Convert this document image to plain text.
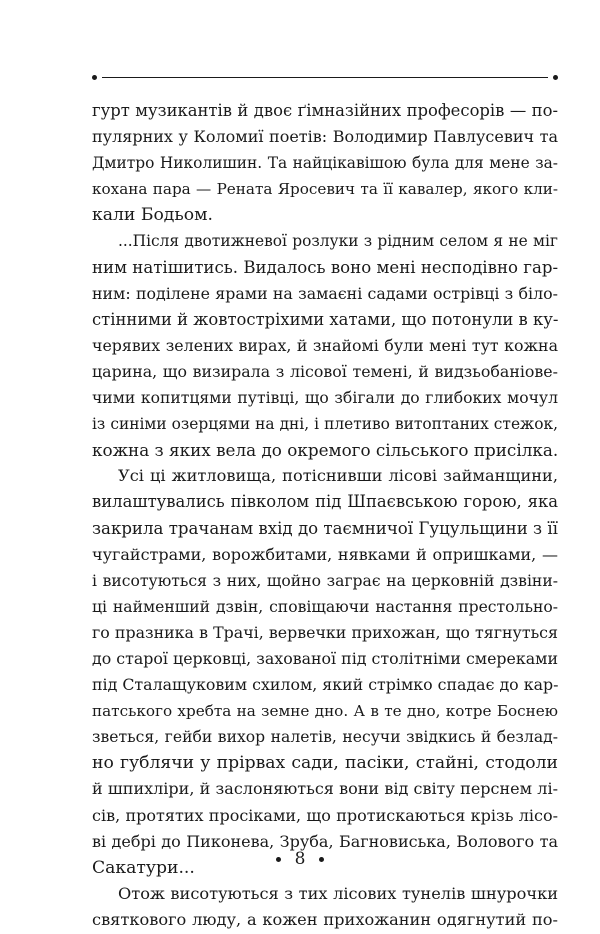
гурт музикантів й двоє ґімназійних професорів — по-
пулярних у Коломиї поетів: Володимир Павлусевич та
Дмитро Николишин. Та найцікавішою була для мене за-
кохана пара — Рената Яросевич та її кавалер, якого кли-
кали Бодьом.

...Після двотижневої розлуки з рідним селом я не міг
ним натішитись. Видалось воно мені несподівно гар-
ним: поділене ярами на замаєні садами острівці з біло-
стінними й жовтостріхими хатами, що потонули в ку-
черявих зелених вирах, й знайомі були мені тут кожна
царина, що визирала з лісової темені, й видзьобаніове-
чими копитцями путівці, що збігали до глибоких мочул
із синіми озерцями на дні, і плетиво витоптаних стежок,
кожна з яких вела до окремого сільського присілка.

Усі ці житловища, потіснивши лісові займанщини,
вилаштувались півколом під Шпаєвською горою, яка
закрила трачанам вхід до таємничої Гуцульщини з її
чугайстрами, ворожбитами, нявками й опришками, —
і висотуються з них, щойно заграє на церковній дзвіни-
ці найменший дзвін, сповіщаючи настання престольно-
го празника в Трачі, вервечки прихожан, що тягнуться
до старої церковці, захованої під столітніми смереками
під Сталащуковим схилом, який стрімко спадає до кар-
патського хребта на земне дно. А в те дно, котре Боснею
зветься, гейби вихор налетів, несучи звідкись й безлад-
но гублячи у прірвах сади, пасіки, стайні, стодоли
й шпихліри, й заслоняються вони від світу перснем лі-
сів, протятих просіками, що протискаються крізь лісо-
ві дебрі до Пиконева, Зруба, Багновиська, Волового та
Сакатури...

Отож висотуються з тих лісових тунелів шнурочки
святкового люду, а кожен прихожанин одягнутий по-

8
